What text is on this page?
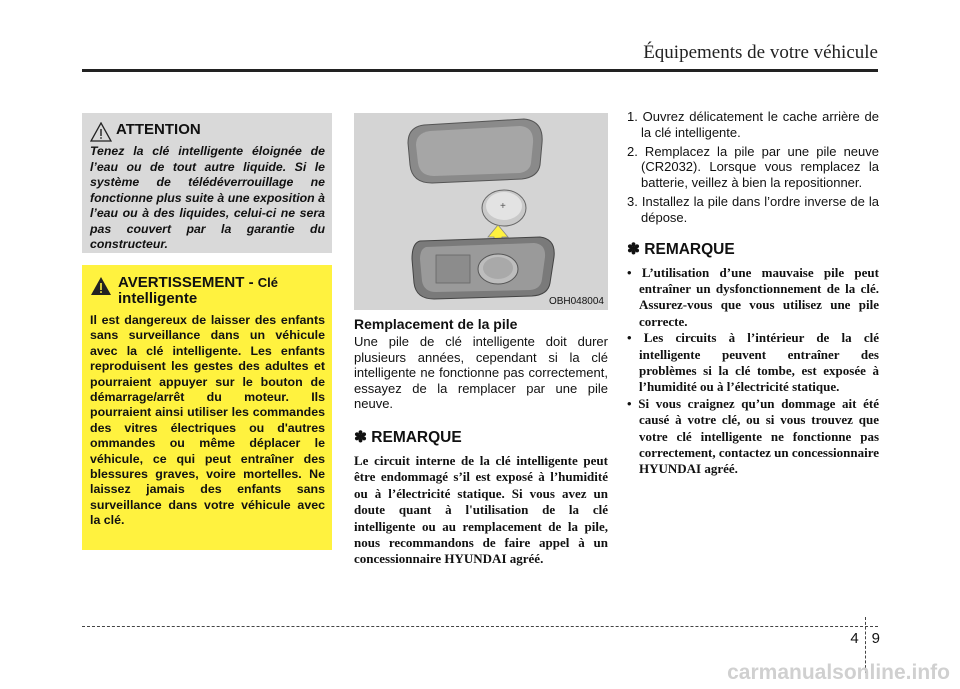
Équipements de votre véhicule
ATTENTION
Tenez la clé intelligente éloignée de l’eau ou de tout autre liquide. Si le système de télédéverrouillage ne fonctionne plus suite à une exposition à l’eau ou à des liquides, celui-ci ne sera pas couvert par la garantie du constructeur.
AVERTISSEMENT - Clé
intelligente
Il est dangereux de laisser des enfants sans surveillance dans un véhicule avec la clé intelligente. Les enfants reproduisent les gestes des adultes et pourraient appuyer sur le bouton de démarrage/arrêt du moteur. Ils pourraient ainsi utiliser les commandes des vitres électriques ou d'autres ommandes ou même déplacer le véhicule, ce qui peut entraîner des blessures graves, voire mortelles. Ne laissez jamais des enfants sans surveillance dans votre véhicule avec la clé.
+
OBH048004
Remplacement de la pile
Une pile de clé intelligente doit durer plusieurs années, cependant si la clé intelligente ne fonctionne pas correctement, essayez de la remplacer par une pile neuve.
✽ REMARQUE
Le circuit interne de la clé intelligente peut être endommagé s’il est exposé à l’humidité ou à l’électricité statique. Si vous avez un doute quant à l'utilisation de la clé intelligente ou au remplacement de la pile, nous recommandons de faire appel à un concessionnaire HYUNDAI agréé.
1. Ouvrez délicatement le cache arrière de la clé intelligente.
2. Remplacez la pile par une pile neuve (CR2032). Lorsque vous remplacez la batterie, veillez à bien la repositionner.
3. Installez la pile dans l’ordre inverse de la dépose.
✽ REMARQUE
• L’utilisation d’une mauvaise pile peut entraîner un dysfonctionnement de la clé. Assurez-vous que vous utilisez une pile correcte.
• Les circuits à l’intérieur de la clé intelligente peuvent entraîner des problèmes si la clé tombe, est exposée à l’humidité ou à l’électricité statique.
• Si vous craignez qu’un dommage ait été causé à votre clé, ou si vous trouvez que votre clé intelligente ne fonctionne pas correctement, contactez un concessionnaire HYUNDAI agréé.
4 9
carmanualsonline.info
